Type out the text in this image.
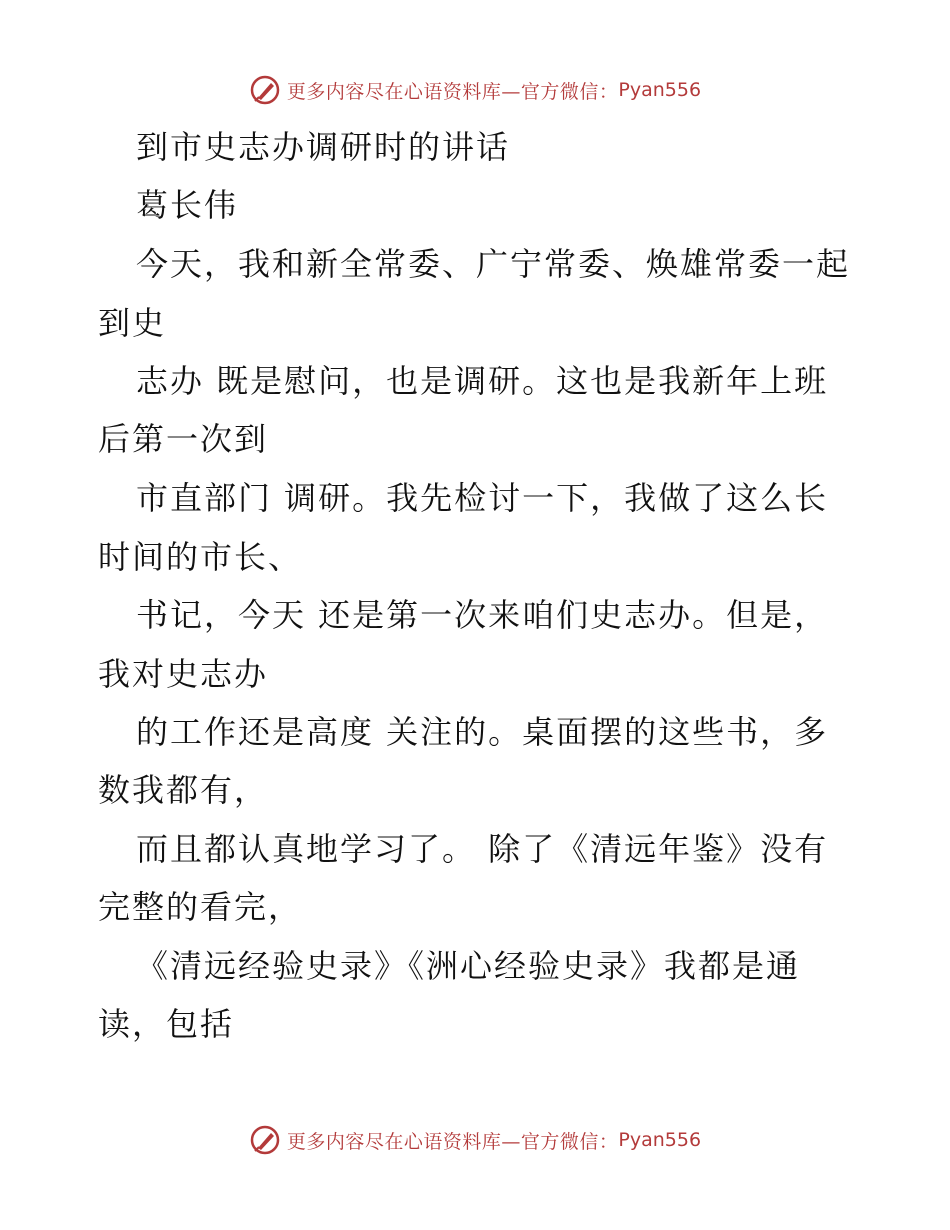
更多内容尽在心语资料库—官方微信： Pyan556
到市史志办调研时的讲话
葛长伟
今天，我和新全常委、广宁常委、焕雄常委一起
到史
志办 既是慰问，也是调研。这也是我新年上班
后第一次到
市直部门 调研。我先检讨一下，我做了这么长
时间的市长、
书记，今天 还是第一次来咱们史志办。但是，
我对史志办
的工作还是高度 关注的。桌面摆的这些书，多
数我都有，
而且都认真地学习了。 除了《清远年鉴》没有
完整的看完，
《清远经验史录》《洲心经验史录》我都是通
读，包括
更多内容尽在心语资料库—官方微信： Pyan556
